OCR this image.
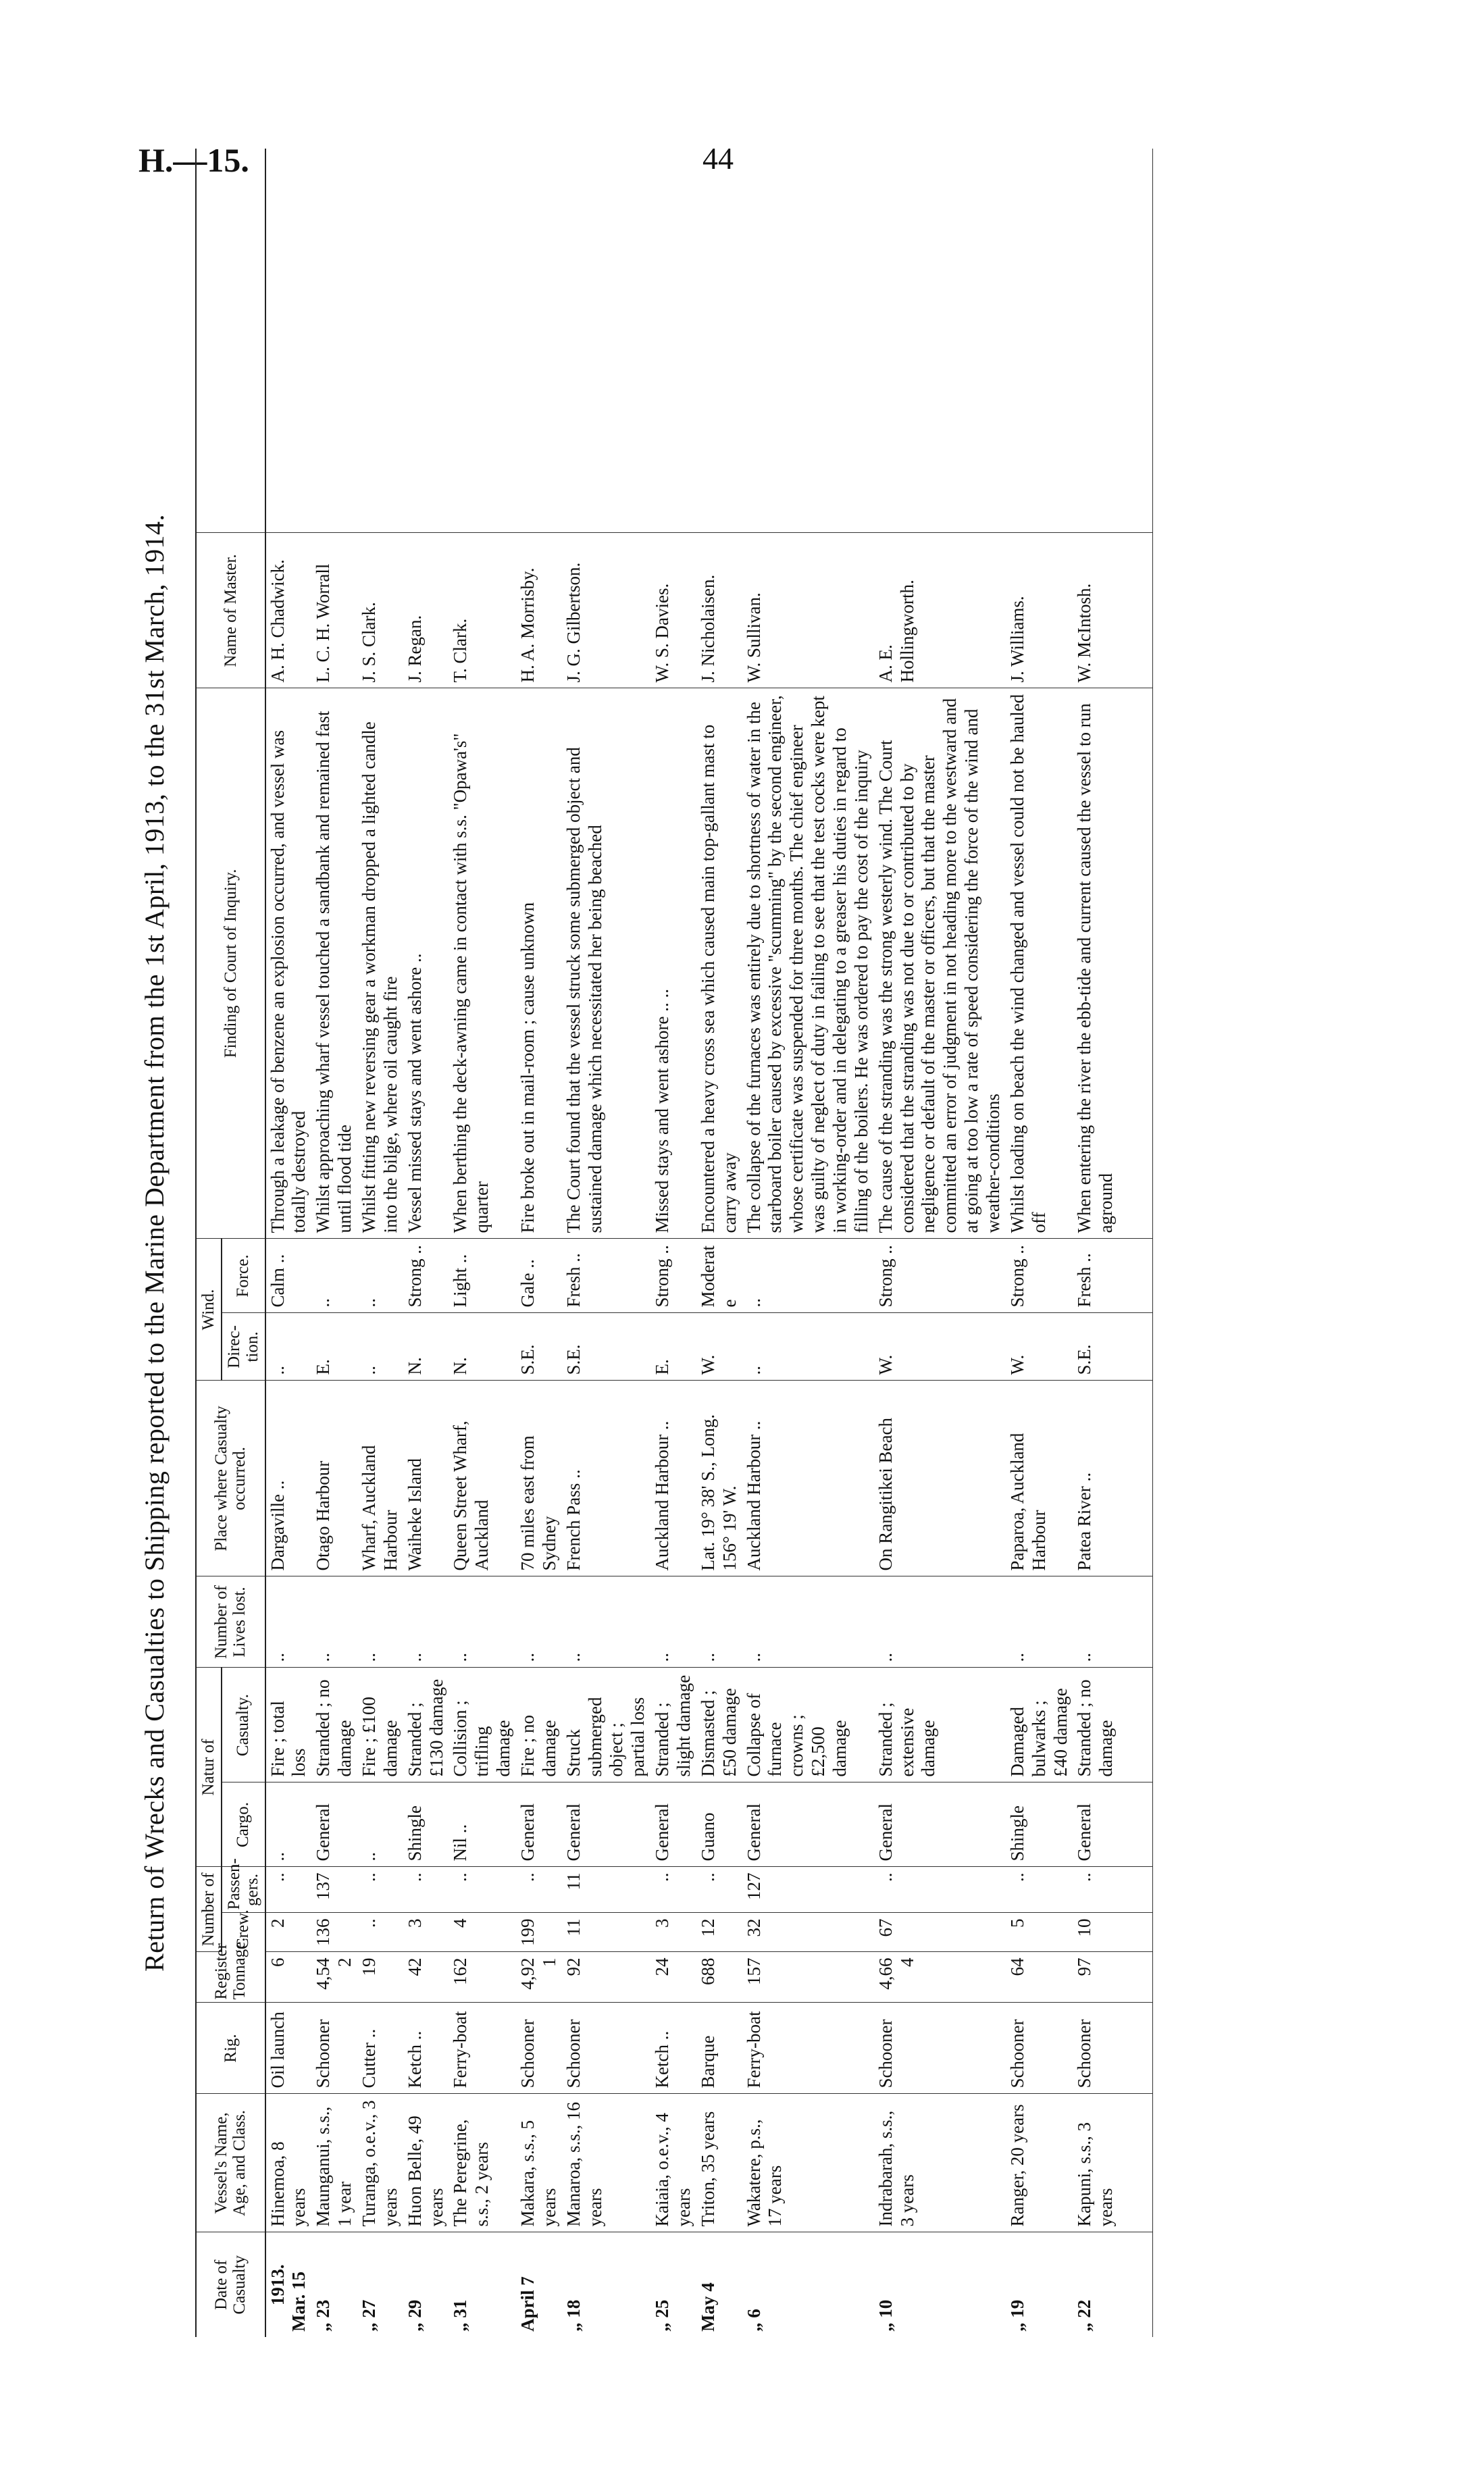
H.—15.	44
Return of Wrecks and Casualties to Shipping reported to the Marine Department from the 1st April, 1913, to the 31st March, 1914.
Date of Casualty	Vessel's Name, Age, and Class.	Rig.	Register Tonnage.	Number of		Natur of		Number of Lives lost.	Place where Casualty occurred.	Wind.		Finding of Court of Inquiry.	Name of Master.	
				Crew.	Passen-gers.	Cargo.	Casualty.			Direc-tion.	Force.			

1913.
Mar. 15	Hinemoa, 8 years	Oil launch	6	2	..	..	Fire ; total loss	..	Dargaville ..	..	Calm ..	Through a leakage of benzene an explosion occurred, and vessel was totally destroyed	A. H. Chadwick.	
„ 23	Maunganui, s.s., 1 year	Schooner	4,542	136	137	General	Stranded ; no damage	..	Otago Harbour	E.	..	Whilst approaching wharf vessel touched a sandbank and remained fast until flood tide	L. C. H. Worrall	
„ 27	Turanga, o.e.v., 3 years	Cutter ..	19	..	..	..	Fire ; £100 damage	..	Wharf, Auckland Harbour	..	..	Whilst fitting new reversing gear a workman dropped a lighted candle into the bilge, where oil caught fire	J. S. Clark.	
„ 29	Huon Belle, 49 years	Ketch ..	42	3	..	Shingle	Stranded ; £130 damage	..	Waiheke Island	N.	Strong ..	Vessel missed stays and went ashore ..	J. Regan.	
„ 31	The Peregrine, s.s., 2 years	Ferry-boat	162	4	..	Nil ..	Collision ; trifling damage	..	Queen Street Wharf, Auckland	N.	Light ..	When berthing the deck-awning came in contact with s.s. "Opawa's" quarter	T. Clark.	
April 7	Makara, s.s., 5 years	Schooner	4,921	199	..	General	Fire ; no damage	..	70 miles east from Sydney	S.E.	Gale ..	Fire broke out in mail-room ; cause unknown	H. A. Morrisby.	
„ 18	Manaroa, s.s., 16 years	Schooner	92	11	11	General	Struck submerged object ; partial loss	..	French Pass ..	S.E.	Fresh ..	The Court found that the vessel struck some submerged object and sustained damage which necessitated her being beached	J. G. Gilbertson.	
„ 25	Kaiaia, o.e.v., 4 years	Ketch ..	24	3	..	General	Stranded ; slight damage	..	Auckland Harbour ..	E.	Strong ..	Missed stays and went ashore .. ..	W. S. Davies.	
May 4	Triton, 35 years	Barque	688	12	..	Guano	Dismasted ; £50 damage	..	Lat. 19° 38' S., Long. 156° 19' W.	W.	Moderate	Encountered a heavy cross sea which caused main top-gallant mast to carry away	J. Nicholaisen.	
„ 6	Wakatere, p.s., 17 years	Ferry-boat	157	32	127	General	Collapse of furnace crowns ; £2,500 damage	..	Auckland Harbour ..	..	..	The collapse of the furnaces was entirely due to shortness of water in the starboard boiler caused by excessive "scumming" by the second engineer, whose certificate was suspended for three months. The chief engineer was guilty of neglect of duty in failing to see that the test cocks were kept in working-order and in delegating to a greaser his duties in regard to filling of the boilers. He was ordered to pay the cost of the inquiry	W. Sullivan.	
„ 10	Indrabarah, s.s., 3 years	Schooner	4,664	67	..	General	Stranded ; extensive damage	..	On Rangitikei Beach	W.	Strong ..	The cause of the stranding was the strong westerly wind. The Court considered that the stranding was not due to or contributed to by negligence or default of the master or officers, but that the master committed an error of judgment in not heading more to the westward and at going at too low a rate of speed considering the force of the wind and weather-conditions	A. E. Hollingworth.	
„ 19	Ranger, 20 years	Schooner	64	5	..	Shingle	Damaged bulwarks ; £40 damage	..	Paparoa, Auckland Harbour	W.	Strong ..	Whilst loading on beach the wind changed and vessel could not be hauled off	J. Williams.	
„ 22	Kapuni, s.s., 3 years	Schooner	97	10	..	General	Stranded ; no damage	..	Patea River ..	S.E.	Fresh ..	When entering the river the ebb-tide and current caused the vessel to run aground	W. McIntosh.	
